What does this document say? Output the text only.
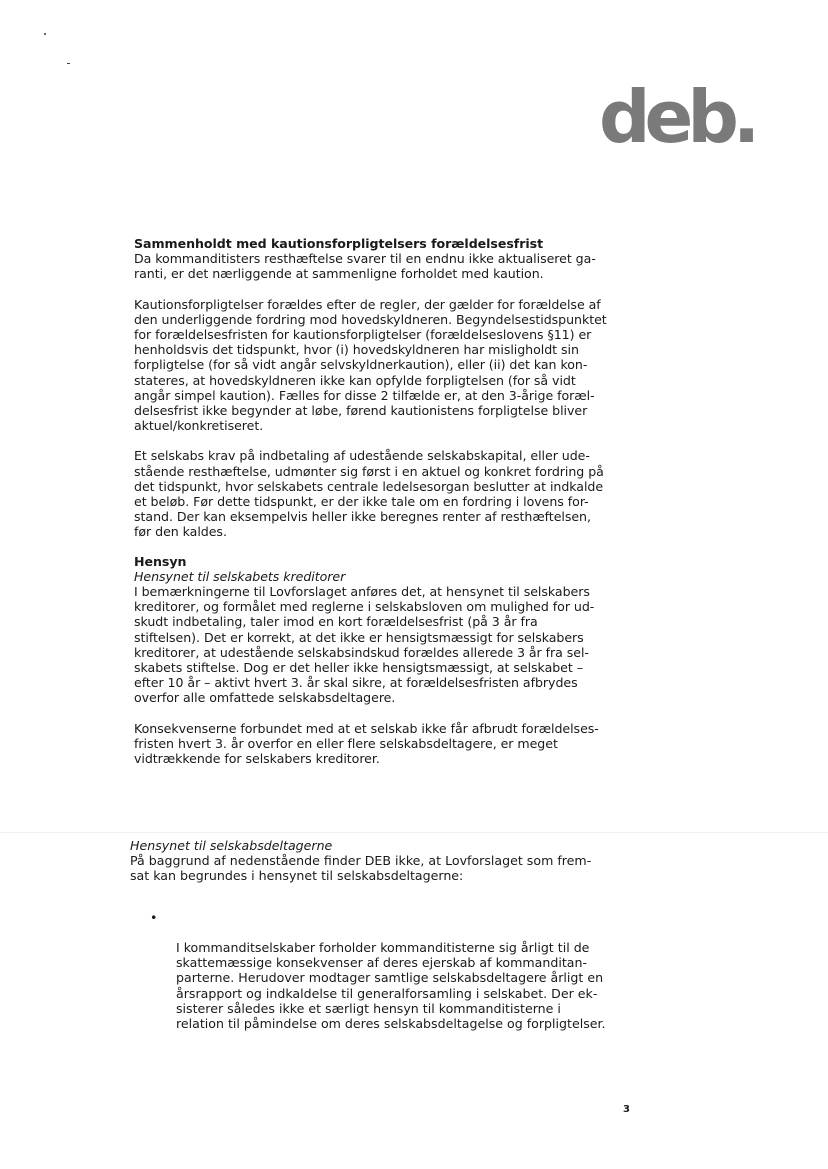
deb.

Sammenholdt med kautionsforpligtelsers forældelsesfrist

Da kommanditisters resthæftelse svarer til en endnu ikke aktualiseret ga-
ranti, er det nærliggende at sammenligne forholdet med kaution.

Kautionsforpligtelser forældes efter de regler, der gælder for forældelse af
den underliggende fordring mod hovedskyldneren. Begyndelsestidspunktet
for forældelsesfristen for kautionsforpligtelser (forældelseslovens §11) er
henholdsvis det tidspunkt, hvor (i) hovedskyldneren har misligholdt sin
forpligtelse (for så vidt angår selvskyldnerkaution), eller (ii) det kan kon-
stateres, at hovedskyldneren ikke kan opfylde forpligtelsen (for så vidt
angår simpel kaution). Fælles for disse 2 tilfælde er, at den 3-årige foræl-
delsesfrist ikke begynder at løbe, førend kautionistens forpligtelse bliver
aktuel/konkretiseret.

Et selskabs krav på indbetaling af udestående selskabskapital, eller ude-
stående resthæftelse, udmønter sig først i en aktuel og konkret fordring på
det tidspunkt, hvor selskabets centrale ledelsesorgan beslutter at indkalde
et beløb. Før dette tidspunkt, er der ikke tale om en fordring i lovens for-
stand. Der kan eksempelvis heller ikke beregnes renter af resthæftelsen,
før den kaldes.

Hensyn

Hensynet til selskabets kreditorer

I bemærkningerne til Lovforslaget anføres det, at hensynet til selskabers
kreditorer, og formålet med reglerne i selskabsloven om mulighed for ud-
skudt indbetaling, taler imod en kort forældelsesfrist (på 3 år fra
stiftelsen). Det er korrekt, at det ikke er hensigtsmæssigt for selskabers
kreditorer, at udestående selskabsindskud forældes allerede 3 år fra sel-
skabets stiftelse. Dog er det heller ikke hensigtsmæssigt, at selskabet –
efter 10 år – aktivt hvert 3. år skal sikre, at forældelsesfristen afbrydes
overfor alle omfattede selskabsdeltagere.

Konsekvenserne forbundet med at et selskab ikke får afbrudt forældelses-
fristen hvert 3. år overfor en eller flere selskabsdeltagere, er meget
vidtrækkende for selskabers kreditorer.

Hensynet til selskabsdeltagerne

På baggrund af nedenstående finder DEB ikke, at Lovforslaget som frem-
sat kan begrundes i hensynet til selskabsdeltagerne:

•

I kommanditselskaber forholder kommanditisterne sig årligt til de
skattemæssige konsekvenser af deres ejerskab af kommanditan-
parterne. Herudover modtager samtlige selskabsdeltagere årligt en
årsrapport og indkaldelse til generalforsamling i selskabet. Der ek-
sisterer således ikke et særligt hensyn til kommanditisterne i
relation til påmindelse om deres selskabsdeltagelse og forpligtelser.

3
